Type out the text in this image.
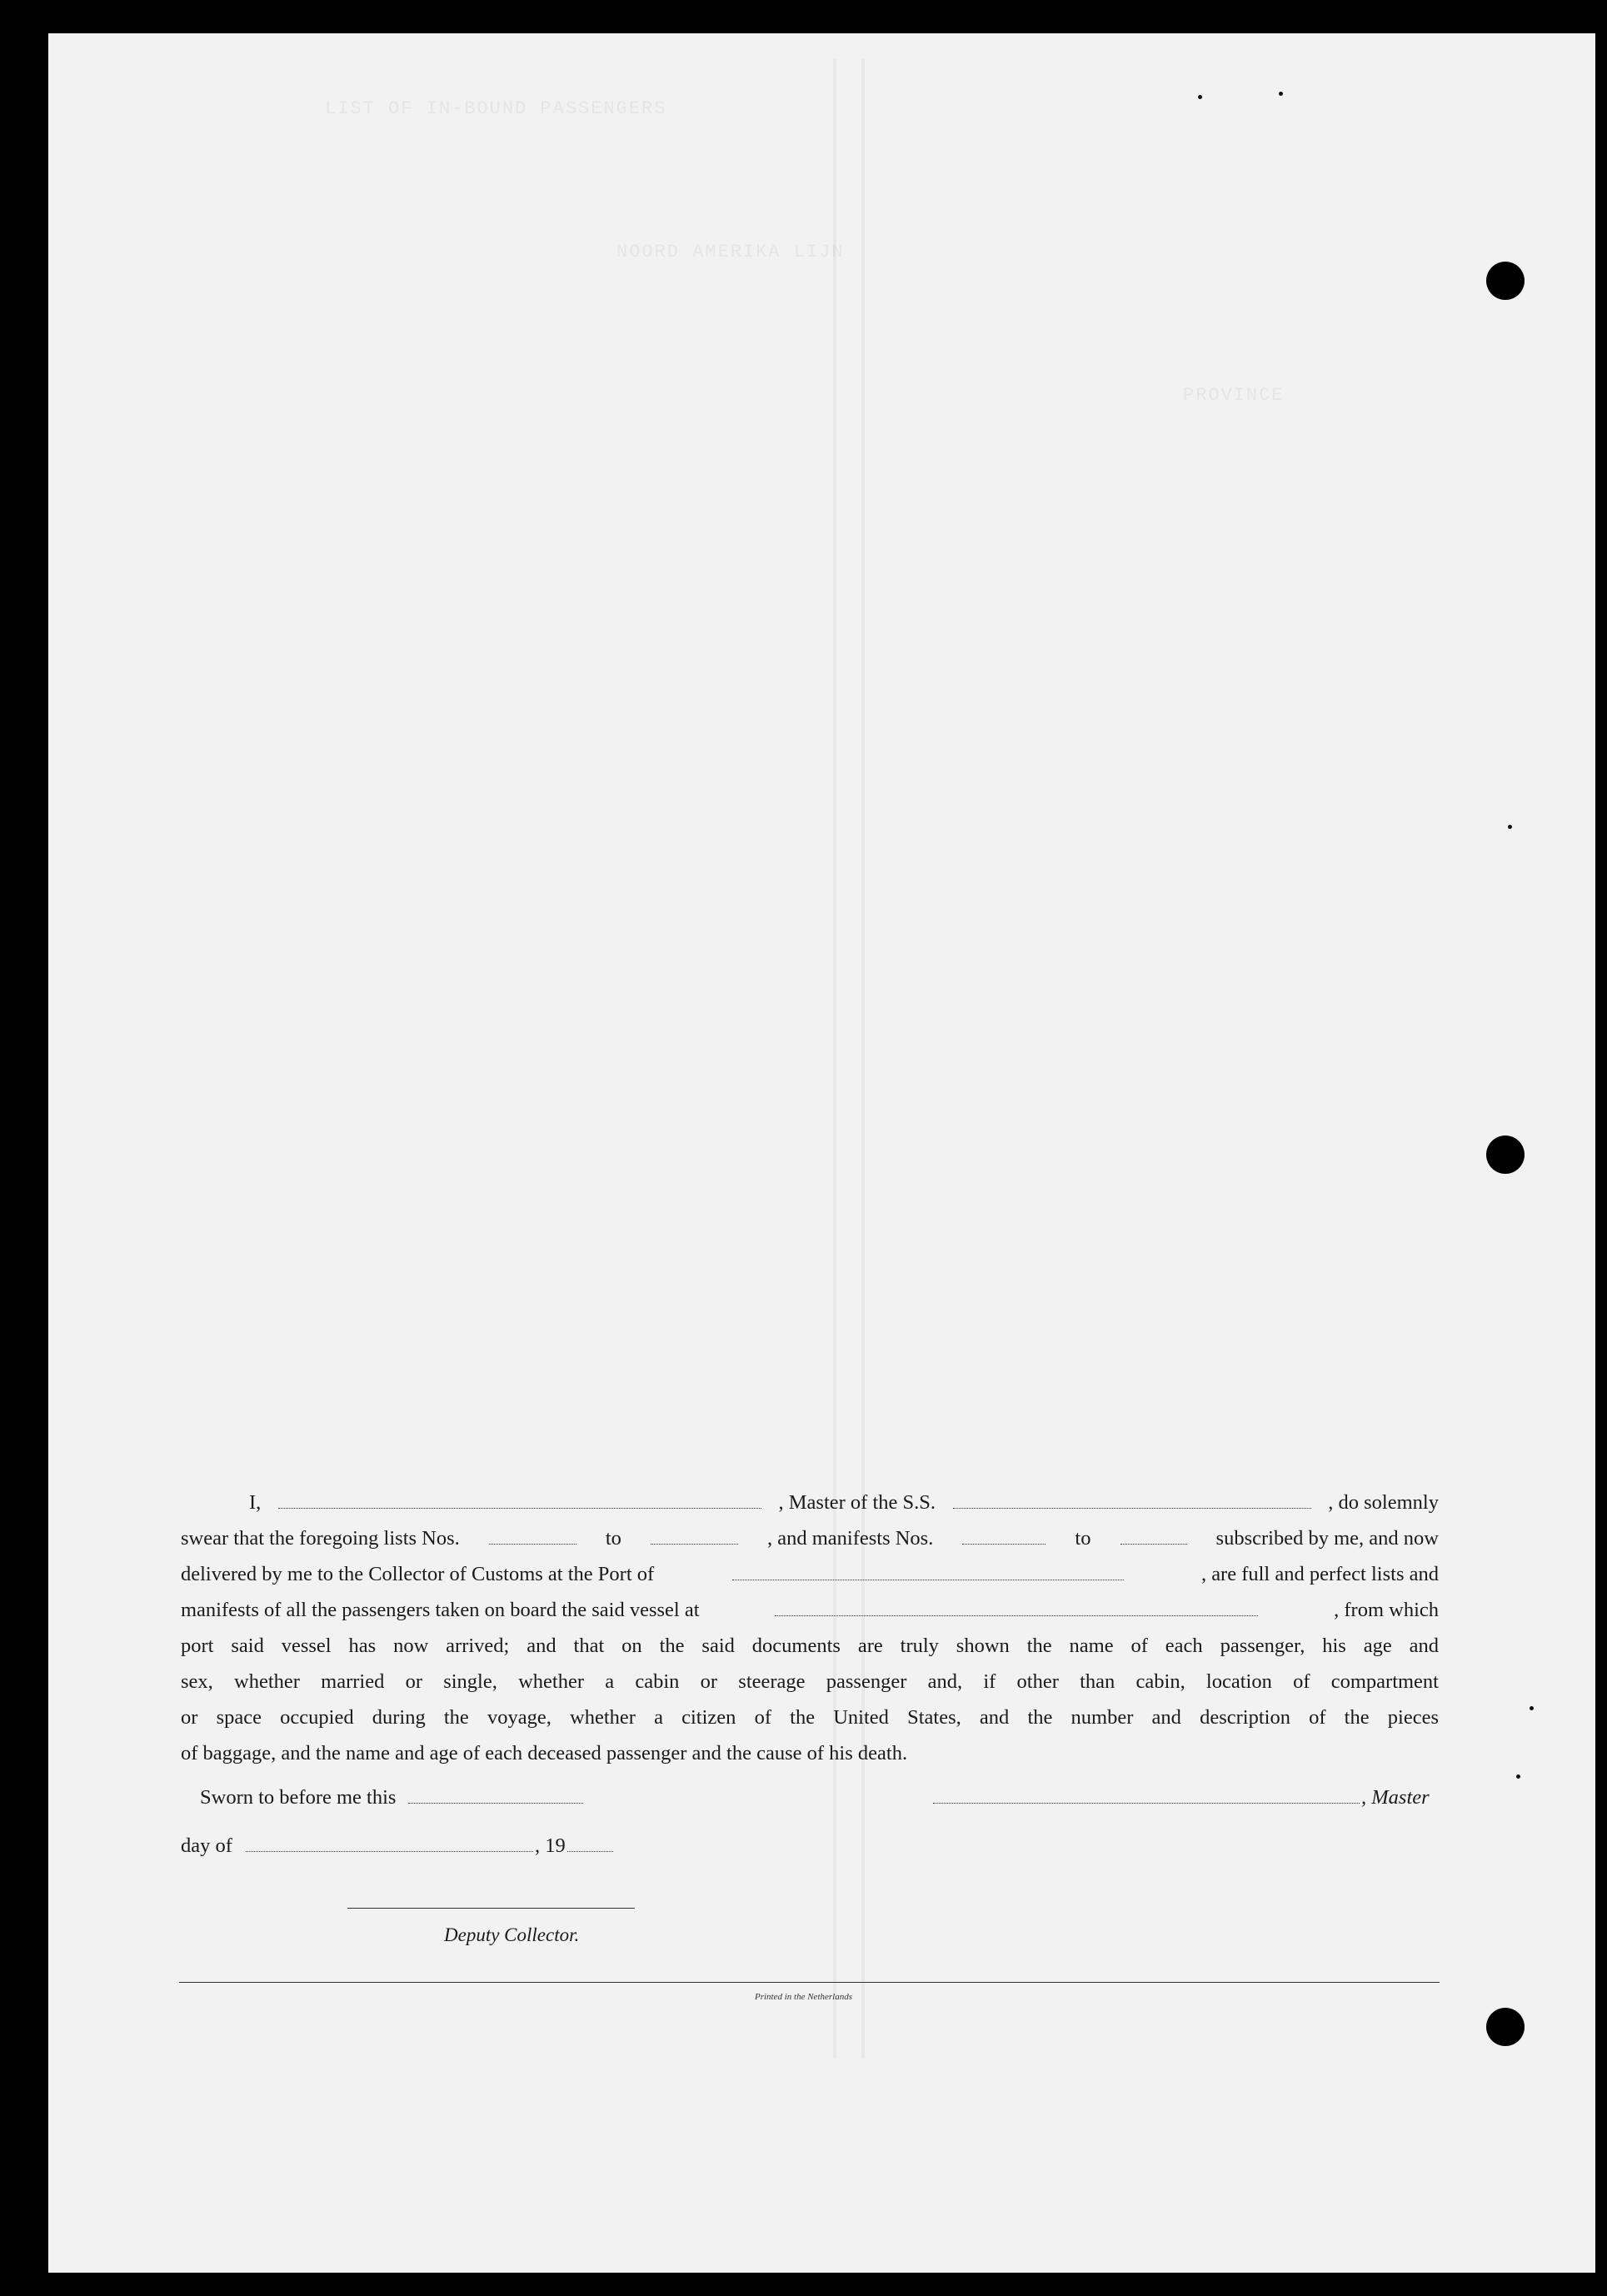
LIST OF IN-BOUND PASSENGERS
NOORD AMERIKA LIJN
PROVINCE
I,	, Master of the S.S.	, do solemnly
swear that the foregoing lists Nos.	to	, and manifests Nos.	to	subscribed by me, and now
delivered by me to the Collector of Customs at the Port of	, are full and perfect lists and
manifests of all the passengers taken on board the said vessel at	, from which
port said vessel has now arrived; and that on the said documents are truly shown the name of each passenger, his age and
sex, whether married or single, whether a cabin or steerage passenger and, if other than cabin, location of compartment
or space occupied during the voyage, whether a citizen of the United States, and the number and description of the pieces
of baggage, and the name and age of each deceased passenger and the cause of his death.
Sworn to before me this	, Master
day of	, 19
Deputy Collector.
Printed in the Netherlands
